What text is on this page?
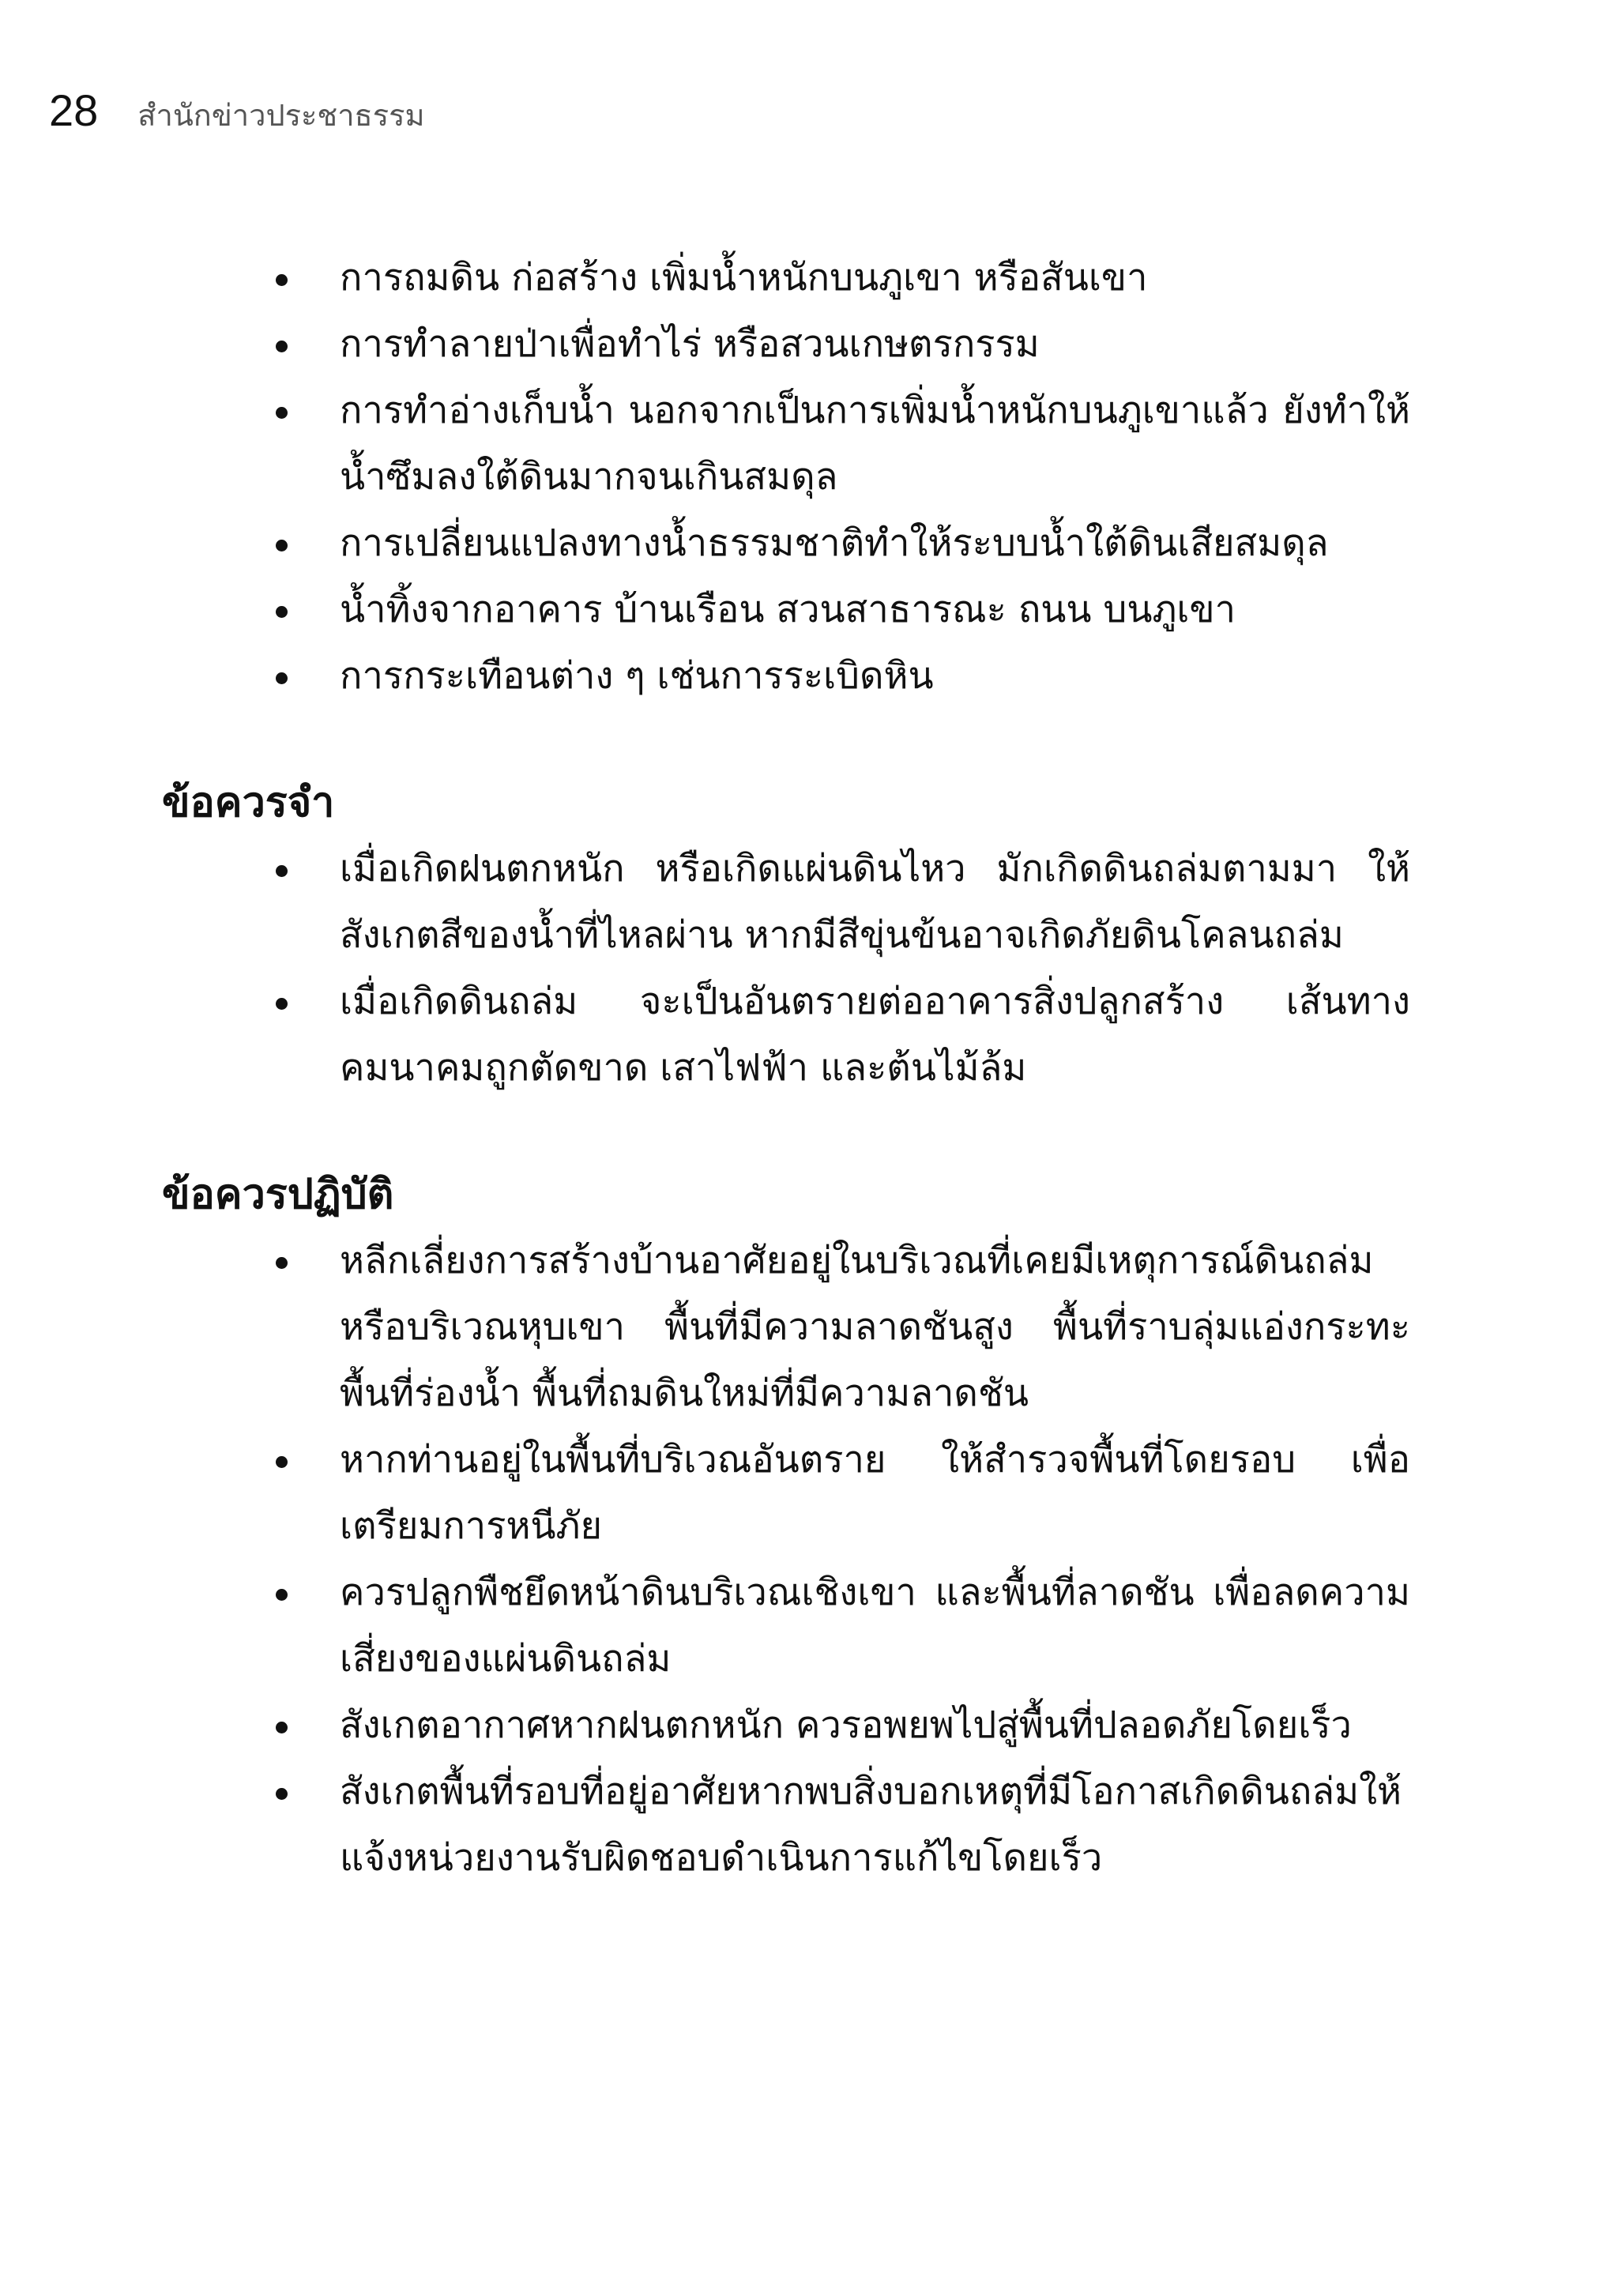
28 สำนักข่าวประชาธรรม
การถมดิน ก่อสร้าง เพิ่มน้ำหนักบนภูเขา หรือสันเขา
การทำลายป่าเพื่อทำไร่ หรือสวนเกษตรกรรม
การทำอ่างเก็บน้ำ นอกจากเป็นการเพิ่มน้ำหนักบนภูเขาแล้ว ยังทำให้น้ำซึมลงใต้ดินมากจนเกินสมดุล
การเปลี่ยนแปลงทางน้ำธรรมชาติทำให้ระบบน้ำใต้ดินเสียสมดุล
น้ำทิ้งจากอาคาร บ้านเรือน สวนสาธารณะ ถนน บนภูเขา
การกระเทือนต่าง ๆ เช่นการระเบิดหิน
ข้อควรจำ
เมื่อเกิดฝนตกหนัก หรือเกิดแผ่นดินไหว มักเกิดดินถล่มตามมา ให้สังเกตสีของน้ำที่ไหลผ่าน หากมีสีขุ่นข้นอาจเกิดภัยดินโคลนถล่ม
เมื่อเกิดดินถล่ม จะเป็นอันตรายต่ออาคารสิ่งปลูกสร้าง เส้นทางคมนาคมถูกตัดขาด เสาไฟฟ้า และต้นไม้ล้ม
ข้อควรปฏิบัติ
หลีกเลี่ยงการสร้างบ้านอาศัยอยู่ในบริเวณที่เคยมีเหตุการณ์ดินถล่ม หรือบริเวณหุบเขา พื้นที่มีความลาดชันสูง พื้นที่ราบลุ่มแอ่งกระทะ พื้นที่ร่องน้ำ พื้นที่ถมดินใหม่ที่มีความลาดชัน
หากท่านอยู่ในพื้นที่บริเวณอันตราย ให้สำรวจพื้นที่โดยรอบ เพื่อเตรียมการหนีภัย
ควรปลูกพืชยึดหน้าดินบริเวณเชิงเขา และพื้นที่ลาดชัน เพื่อลดความเสี่ยงของแผ่นดินถล่ม
สังเกตอากาศหากฝนตกหนัก ควรอพยพไปสู่พื้นที่ปลอดภัยโดยเร็ว
สังเกตพื้นที่รอบที่อยู่อาศัยหากพบสิ่งบอกเหตุที่มีโอกาสเกิดดินถล่มให้แจ้งหน่วยงานรับผิดชอบดำเนินการแก้ไขโดยเร็ว
